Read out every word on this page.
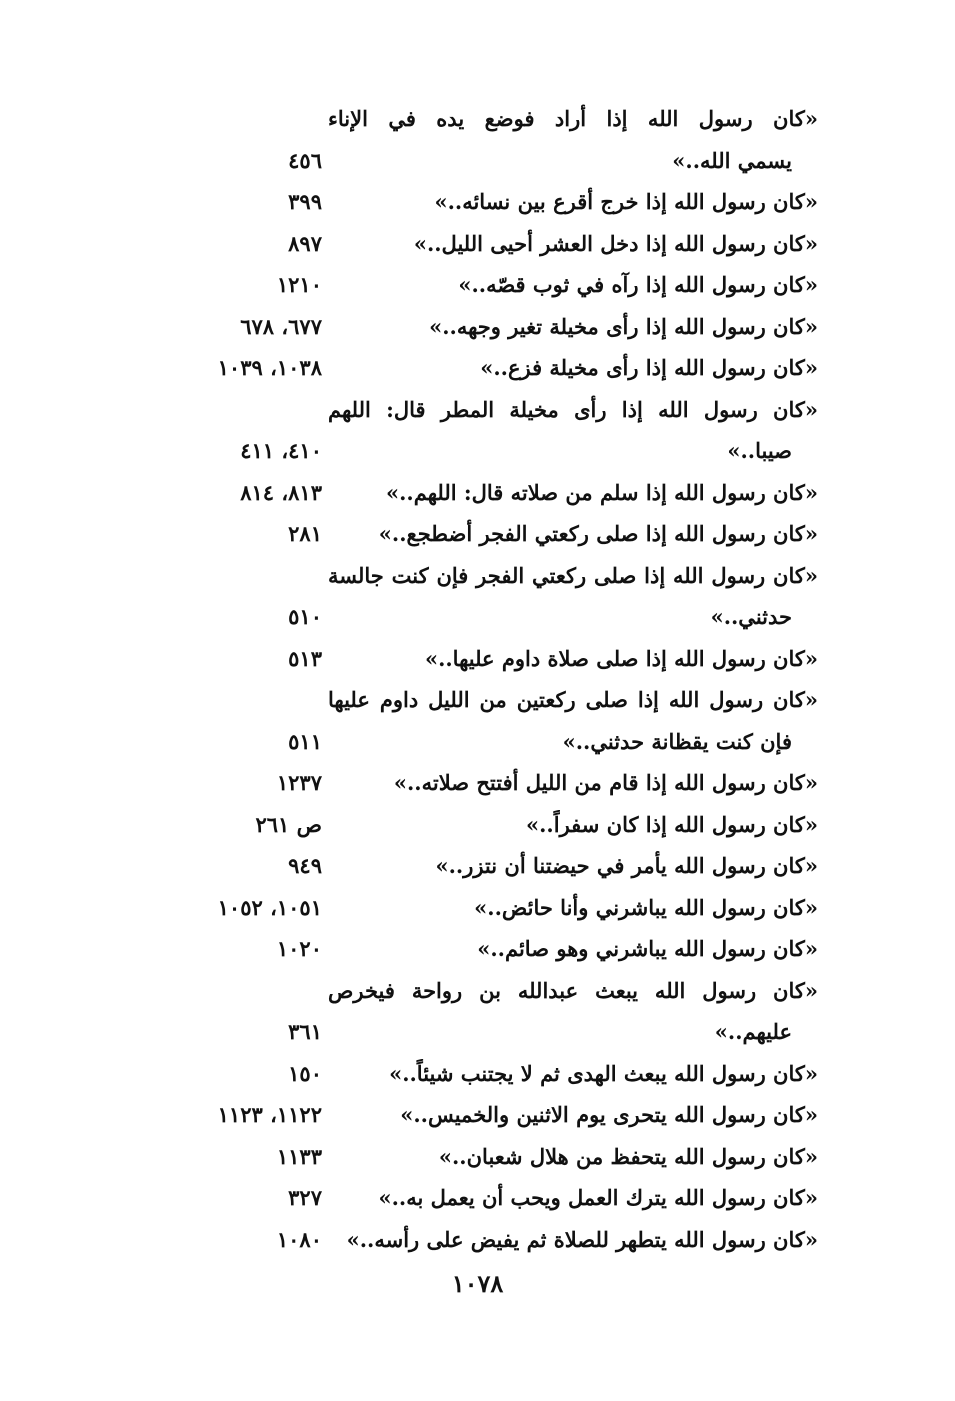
«كان رسول الله إذا أراد فوضع يده في الإناء
يسمي الله..»
٤٥٦
«كان رسول الله إذا خرج أقرع بين نسائه..»
٣٩٩
«كان رسول الله إذا دخل العشر أحيى الليل..»
٨٩٧
«كان رسول الله إذا رآه في ثوب قصّه..»
١٢١٠
«كان رسول الله إذا رأى مخيلة تغير وجهه..»
٦٧٧، ٦٧٨
«كان رسول الله إذا رأى مخيلة فزع..»
١٠٣٨، ١٠٣٩
«كان رسول الله إذا رأى مخيلة المطر قال: اللهم
صيبا..»
٤١٠، ٤١١
«كان رسول الله إذا سلم من صلاته قال: اللهم..»
٨١٣، ٨١٤
«كان رسول الله إذا صلى ركعتي الفجر أضطجع..»
٢٨١
«كان رسول الله إذا صلى ركعتي الفجر فإن كنت جالسة
حدثني..»
٥١٠
«كان رسول الله إذا صلى صلاة داوم عليها..»
٥١٣
«كان رسول الله إذا صلى ركعتين من الليل داوم عليها
فإن كنت يقظانة حدثني..»
٥١١
«كان رسول الله إذا قام من الليل أفتتح صلاته..»
١٢٣٧
«كان رسول الله إذا كان سفراً..»
ص ٢٦١
«كان رسول الله يأمر في حيضتنا أن نتزر..»
٩٤٩
«كان رسول الله يباشرني وأنا حائض..»
١٠٥١، ١٠٥٢
«كان رسول الله يباشرني وهو صائم..»
١٠٢٠
«كان رسول الله يبعث عبدالله بن رواحة فيخرص
عليهم..»
٣٦١
«كان رسول الله يبعث الهدى ثم لا يجتنب شيئاً..»
١٥٠
«كان رسول الله يتحرى يوم الاثنين والخميس..»
١١٢٢، ١١٢٣
«كان رسول الله يتحفظ من هلال شعبان..»
١١٣٣
«كان رسول الله يترك العمل ويحب أن يعمل به..»
٣٢٧
«كان رسول الله يتطهر للصلاة ثم يفيض على رأسه..»
١٠٨٠
١٠٧٨
